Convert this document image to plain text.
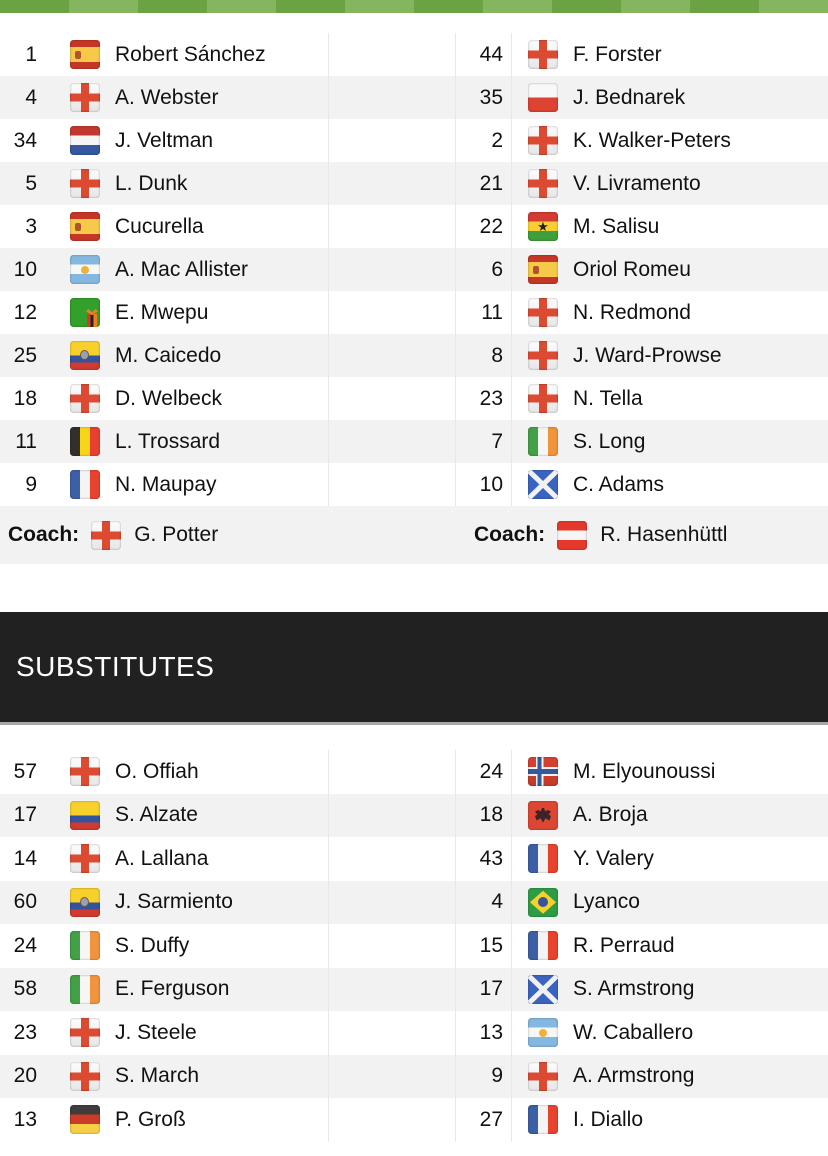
1	Robert Sánchez	44	F. Forster
4	A. Webster	35	J. Bednarek
34	J. Veltman	2	K. Walker-Peters
5	L. Dunk	21	V. Livramento
3	Cucurella	22 ★	M. Salisu
10	A. Mac Allister	6	Oriol Romeu
12	E. Mwepu	11	N. Redmond
25	M. Caicedo	8	J. Ward-Prowse
18	D. Welbeck	23	N. Tella
11	L. Trossard	7	S. Long
9	N. Maupay	10	C. Adams
Coach:	G. Potter	Coach:	R. Hasenhüttl
SUBSTITUTES
57	O. Offiah	24	M. Elyounoussi
17	S. Alzate	18	A. Broja
14	A. Lallana	43	Y. Valery
60	J. Sarmiento	4	Lyanco
24	S. Duffy	15	R. Perraud
58	E. Ferguson	17	S. Armstrong
23	J. Steele	13	W. Caballero
20	S. March	9	A. Armstrong
13	P. Groß	27	I. Diallo
